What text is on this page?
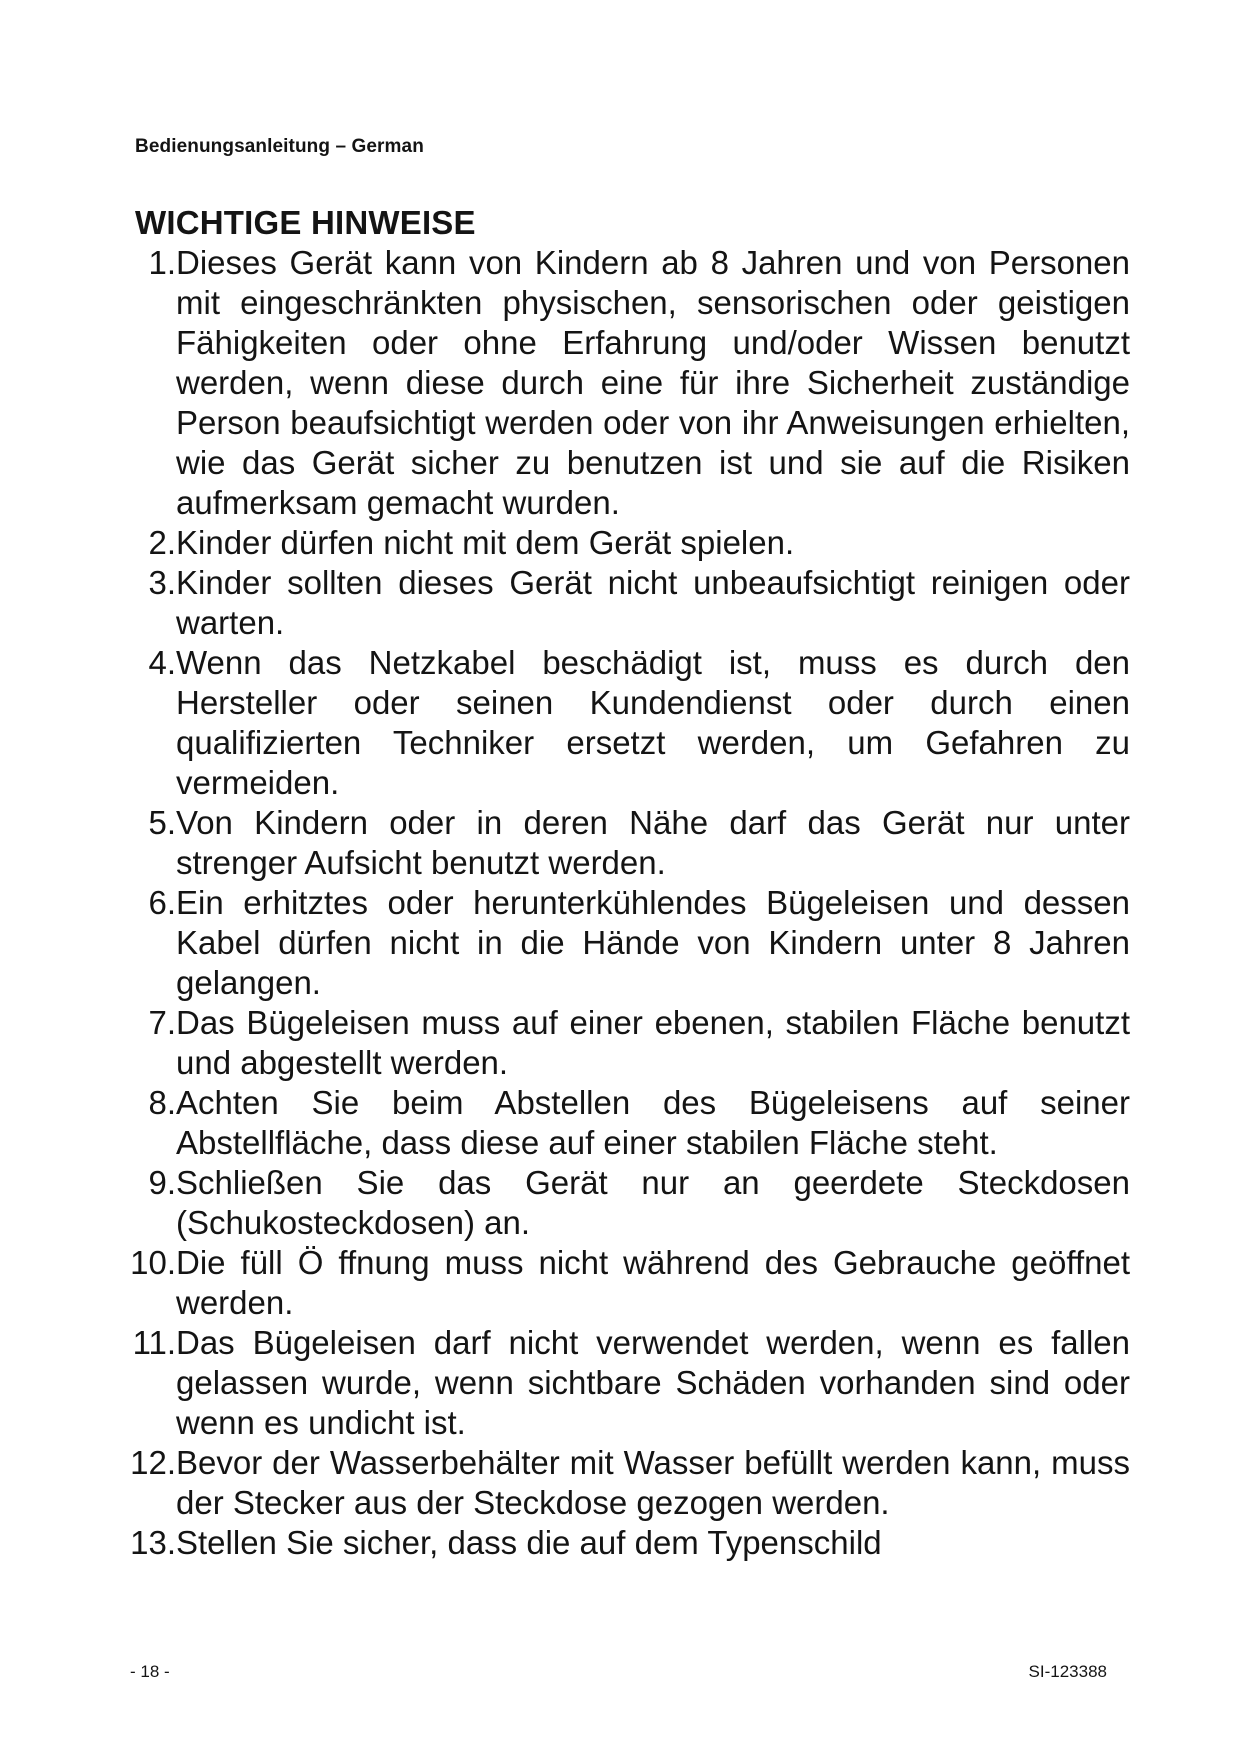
Bedienungsanleitung – German
WICHTIGE HINWEISE
1. Dieses Gerät kann von Kindern ab 8 Jahren und von Personen mit eingeschränkten physischen, sensorischen oder geistigen Fähigkeiten oder ohne Erfahrung und/oder Wissen benutzt werden, wenn diese durch eine für ihre Sicherheit zuständige Person beaufsichtigt werden oder von ihr Anweisungen erhielten, wie das Gerät sicher zu benutzen ist und sie auf die Risiken aufmerksam gemacht wurden.
2. Kinder dürfen nicht mit dem Gerät spielen.
3. Kinder sollten dieses Gerät nicht unbeaufsichtigt reinigen oder warten.
4. Wenn das Netzkabel beschädigt ist, muss es durch den Hersteller oder seinen Kundendienst oder durch einen qualifizierten Techniker ersetzt werden, um Gefahren zu vermeiden.
5. Von Kindern oder in deren Nähe darf das Gerät nur unter strenger Aufsicht benutzt werden.
6. Ein erhitztes oder herunterkühlendes Bügeleisen und dessen Kabel dürfen nicht in die Hände von Kindern unter 8 Jahren gelangen.
7. Das Bügeleisen muss auf einer ebenen, stabilen Fläche benutzt und abgestellt werden.
8. Achten Sie beim Abstellen des Bügeleisens auf seiner Abstellfläche, dass diese auf einer stabilen Fläche steht.
9. Schließen Sie das Gerät nur an geerdete Steckdosen (Schukosteckdosen) an.
10. Die füll Ö ffnung muss nicht während des Gebrauche geöffnet werden.
11. Das Bügeleisen darf nicht verwendet werden, wenn es fallen gelassen wurde, wenn sichtbare Schäden vorhanden sind oder wenn es undicht ist.
12. Bevor der Wasserbehälter mit Wasser befüllt werden kann, muss der Stecker aus der Steckdose gezogen werden.
13. Stellen Sie sicher, dass die auf dem Typenschild
- 18 -	SI-123388
